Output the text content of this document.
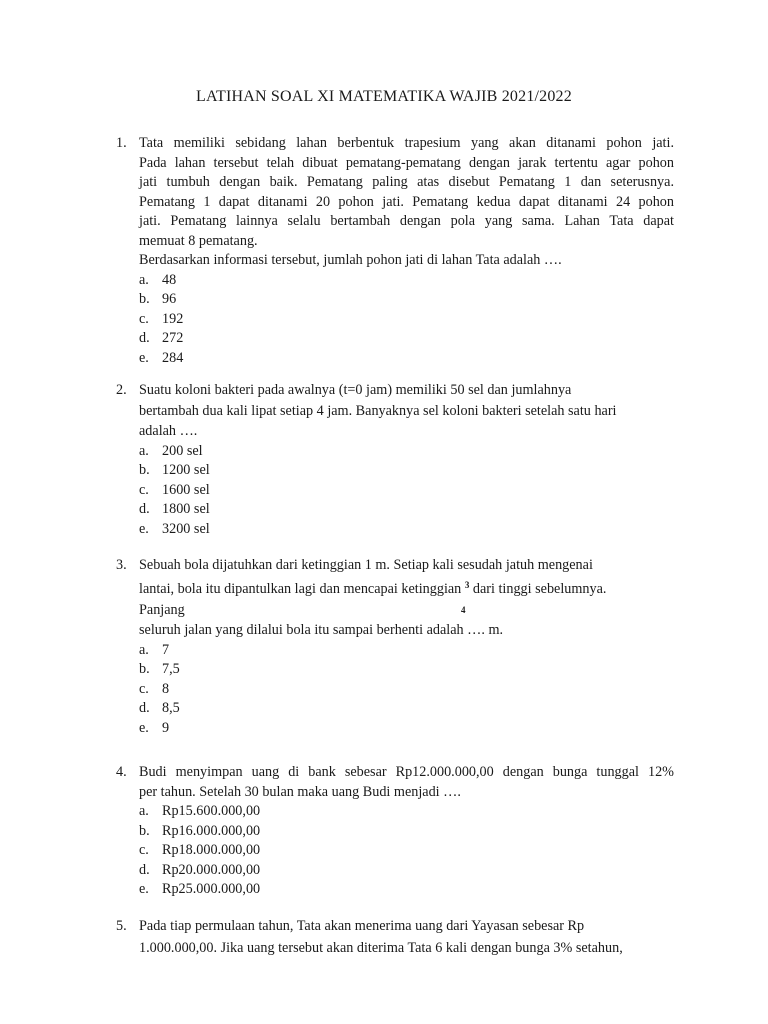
LATIHAN SOAL XI MATEMATIKA WAJIB 2021/2022
1. Tata memiliki sebidang lahan berbentuk trapesium yang akan ditanami pohon jati.
Pada lahan tersebut telah dibuat pematang-pematang dengan jarak tertentu agar pohon
jati tumbuh dengan baik. Pematang paling atas disebut Pematang 1 dan seterusnya.
Pematang 1 dapat ditanami 20 pohon jati. Pematang kedua dapat ditanami 24 pohon
jati. Pematang lainnya selalu bertambah dengan pola yang sama. Lahan Tata dapat
memuat 8 pematang.

Berdasarkan informasi tersebut, jumlah pohon jati di lahan Tata adalah ….

a. 48
b. 96
c. 192
d. 272
e. 284
2. Suatu koloni bakteri pada awalnya (t=0 jam) memiliki 50 sel dan jumlahnya
bertambah dua kali lipat setiap 4 jam. Banyaknya sel koloni bakteri setelah satu hari
adalah ….
a. 200 sel
b. 1200 sel
c. 1600 sel
d. 1800 sel
e. 3200 sel
3. Sebuah bola dijatuhkan dari ketinggian 1 m. Setiap kali sesudah jatuh mengenai
lantai, bola itu dipantulkan lagi dan mencapai ketinggian $^3$ dari tinggi sebelumnya.
Panjang	4
seluruh jalan yang dilalui bola itu sampai berhenti adalah …. m.
a. 7
b. 7,5
c. 8
d. 8,5
e. 9
4. Budi menyimpan uang di bank sebesar Rp12.000.000,00 dengan bunga tunggal 12%
per tahun. Setelah 30 bulan maka uang Budi menjadi ….

a. Rp15.600.000,00
b. Rp16.000.000,00
c. Rp18.000.000,00
d. Rp20.000.000,00
e. Rp25.000.000,00
5. Pada tiap permulaan tahun, Tata akan menerima uang dari Yayasan sebesar Rp
1.000.000,00. Jika uang tersebut akan diterima Tata 6 kali dengan bunga 3% setahun,
